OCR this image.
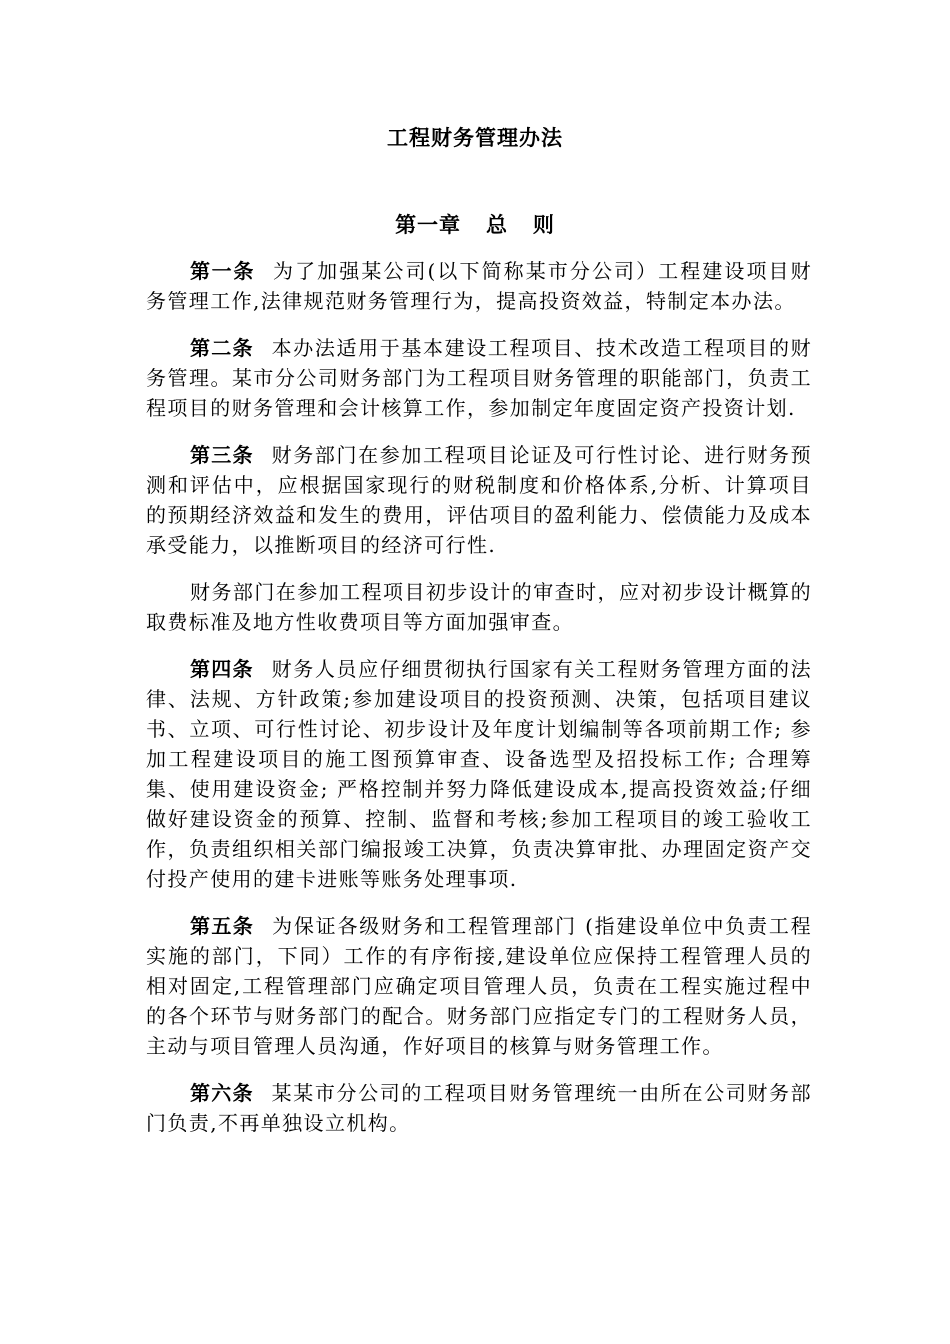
工程财务管理办法
第一章   总   则

第一条 为了加强某公司(以下简称某市分公司）工程建设项目财务管理工作,法律规范财务管理行为，提高投资效益，特制定本办法。

第二条 本办法适用于基本建设工程项目、技术改造工程项目的财务管理。某市分公司财务部门为工程项目财务管理的职能部门，负责工程项目的财务管理和会计核算工作，参加制定年度固定资产投资计划.

第三条 财务部门在参加工程项目论证及可行性讨论、进行财务预测和评估中，应根据国家现行的财税制度和价格体系,分析、计算项目的预期经济效益和发生的费用，评估项目的盈利能力、偿债能力及成本承受能力，以推断项目的经济可行性.

财务部门在参加工程项目初步设计的审查时，应对初步设计概算的取费标准及地方性收费项目等方面加强审查。

第四条 财务人员应仔细贯彻执行国家有关工程财务管理方面的法律、法规、方针政策;参加建设项目的投资预测、决策，包括项目建议书、立项、可行性讨论、初步设计及年度计划编制等各项前期工作; 参加工程建设项目的施工图预算审查、设备选型及招投标工作; 合理筹集、使用建设资金; 严格控制并努力降低建设成本,提高投资效益;仔细做好建设资金的预算、控制、监督和考核;参加工程项目的竣工验收工作，负责组织相关部门编报竣工决算，负责决算审批、办理固定资产交付投产使用的建卡进账等账务处理事项.

第五条 为保证各级财务和工程管理部门 (指建设单位中负责工程实施的部门，下同）工作的有序衔接,建设单位应保持工程管理人员的相对固定,工程管理部门应确定项目管理人员，负责在工程实施过程中的各个环节与财务部门的配合。财务部门应指定专门的工程财务人员，主动与项目管理人员沟通，作好项目的核算与财务管理工作。

第六条 某某市分公司的工程项目财务管理统一由所在公司财务部门负责,不再单独设立机构。
